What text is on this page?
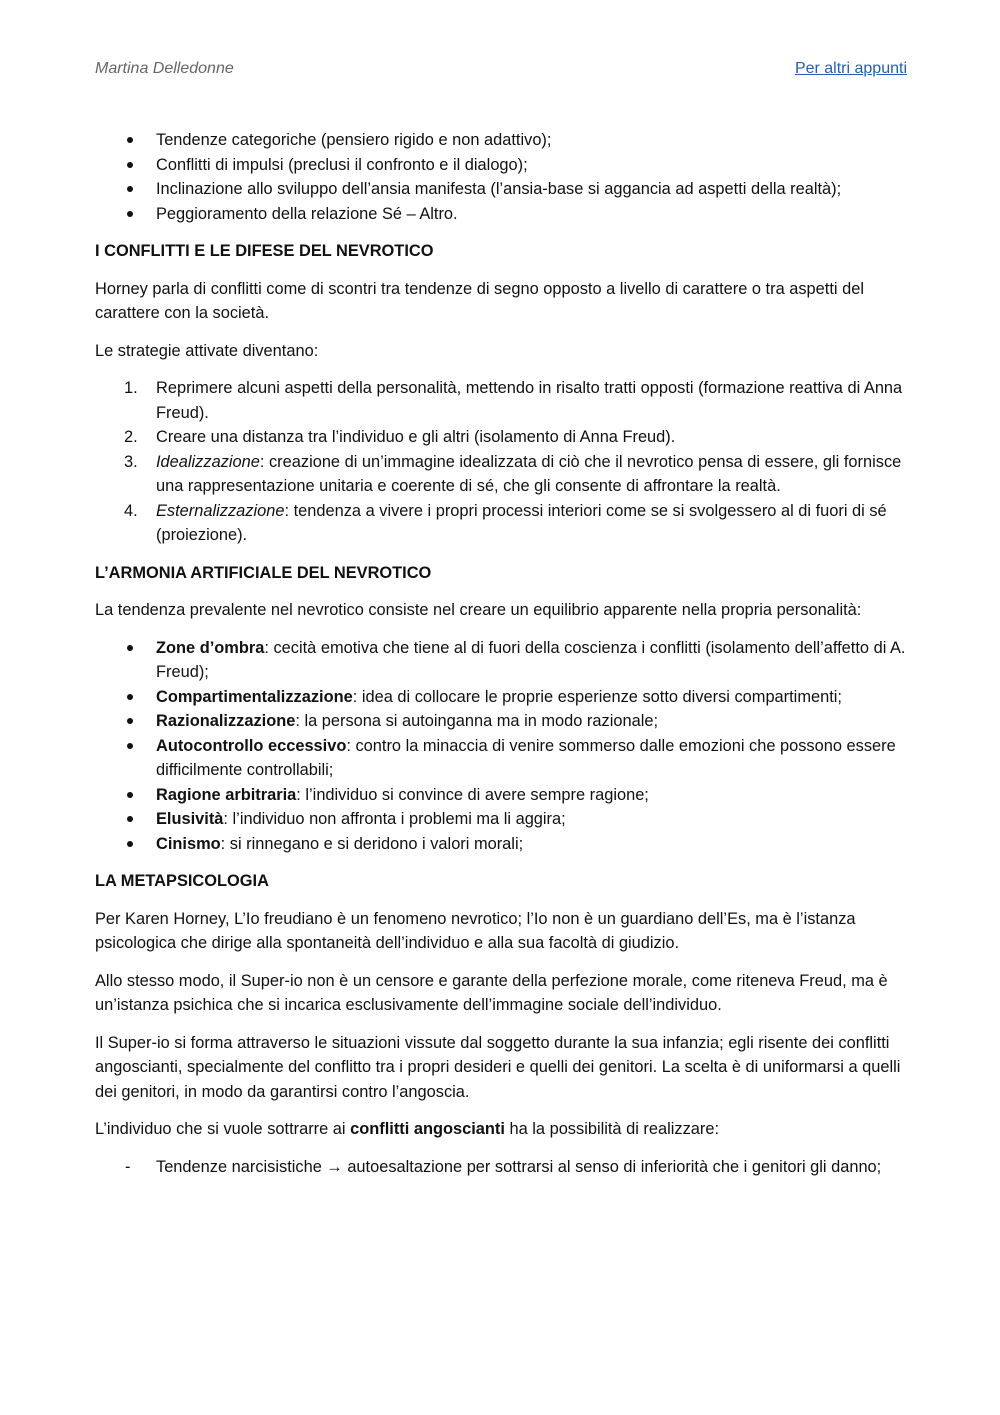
Martina Delledonne	Per altri appunti
Tendenze categoriche (pensiero rigido e non adattivo);
Conflitti di impulsi (preclusi il confronto e il dialogo);
Inclinazione allo sviluppo dell’ansia manifesta (l’ansia-base si aggancia ad aspetti della realtà);
Peggioramento della relazione Sé – Altro.

I CONFLITTI E LE DIFESE DEL NEVROTICO

Horney parla di conflitti come di scontri tra tendenze di segno opposto a livello di carattere o tra aspetti del carattere con la società.

Le strategie attivate diventano:

1.	Reprimere alcuni aspetti della personalità, mettendo in risalto tratti opposti (formazione reattiva di Anna Freud).
2.	Creare una distanza tra l’individuo e gli altri (isolamento di Anna Freud).
3.	Idealizzazione: creazione di un’immagine idealizzata di ciò che il nevrotico pensa di essere, gli fornisce una rappresentazione unitaria e coerente di sé, che gli consente di affrontare la realtà.
4.	Esternalizzazione: tendenza a vivere i propri processi interiori come se si svolgessero al di fuori di sé (proiezione).

L’ARMONIA ARTIFICIALE DEL NEVROTICO

La tendenza prevalente nel nevrotico consiste nel creare un equilibrio apparente nella propria personalità:

Zone d’ombra: cecità emotiva che tiene al di fuori della coscienza i conflitti (isolamento dell’affetto di A. Freud);
Compartimentalizzazione: idea di collocare le proprie esperienze sotto diversi compartimenti;
Razionalizzazione: la persona si autoinganna ma in modo razionale;
Autocontrollo eccessivo: contro la minaccia di venire sommerso dalle emozioni che possono essere difficilmente controllabili;
Ragione arbitraria: l’individuo si convince di avere sempre ragione;
Elusività: l’individuo non affronta i problemi ma li aggira;
Cinismo: si rinnegano e si deridono i valori morali;

LA METAPSICOLOGIA

Per Karen Horney, L’Io freudiano è un fenomeno nevrotico; l’Io non è un guardiano dell’Es, ma è l’istanza psicologica che dirige alla spontaneità dell’individuo e alla sua facoltà di giudizio.

Allo stesso modo, il Super-io non è un censore e garante della perfezione morale, come riteneva Freud, ma è un’istanza psichica che si incarica esclusivamente dell’immagine sociale dell’individuo.

Il Super-io si forma attraverso le situazioni vissute dal soggetto durante la sua infanzia; egli risente dei conflitti angoscianti, specialmente del conflitto tra i propri desideri e quelli dei genitori. La scelta è di uniformarsi a quelli dei genitori, in modo da garantirsi contro l’angoscia.

L’individuo che si vuole sottrarre ai conflitti angoscianti ha la possibilità di realizzare:

-	Tendenze narcisistiche → autoesaltazione per sottrarsi al senso di inferiorità che i genitori gli danno;
